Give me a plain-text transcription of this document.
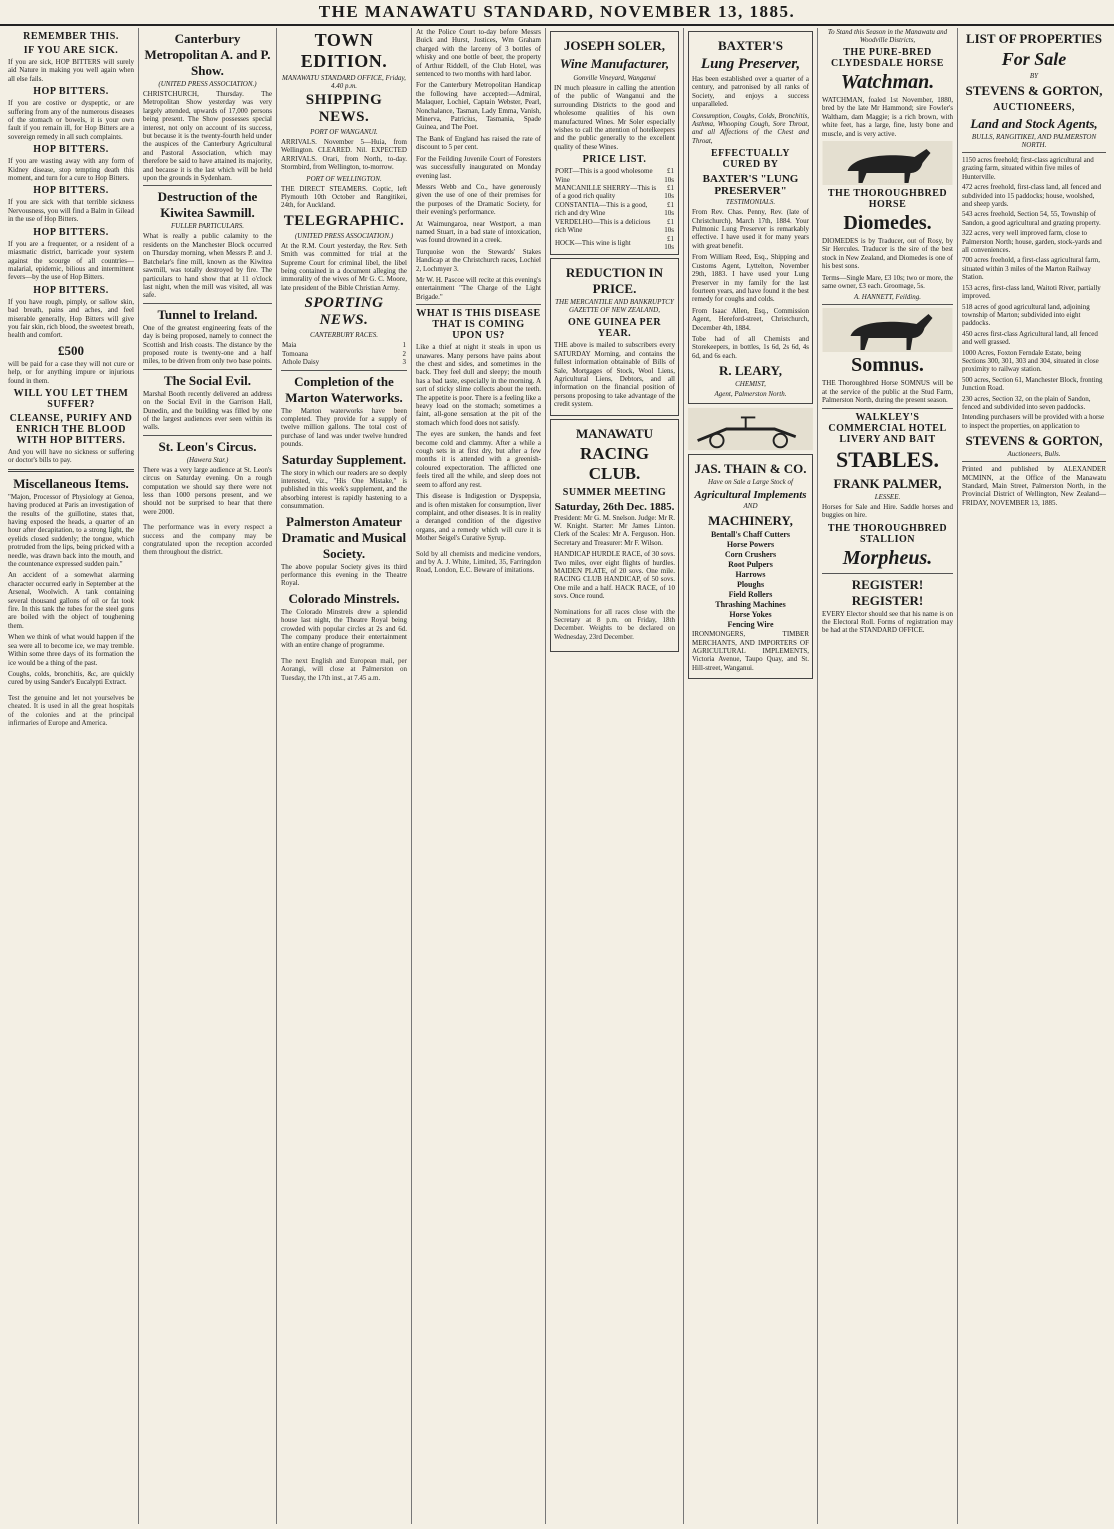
THE MANAWATU STANDARD, NOVEMBER 13, 1885.
REMEMBER THIS.
IF YOU ARE SICK.

If you are sick, HOP BITTERS will surely aid Nature in making you well again when all else fails.

HOP BITTERS.

If you are costive or dyspeptic, or are suffering from any of the numerous diseases of the stomach or bowels, it is your own fault if you remain ill, for Hop Bitters are a sovereign remedy in all such complaints.

HOP BITTERS.

If you are wasting away with any form of Kidney disease, stop tempting death this moment, and turn for a cure to Hop Bitters.

HOP BITTERS.

If you are sick with that terrible sickness Nervousness, you will find a Balm in Gilead in the use of Hop Bitters.

HOP BITTERS.

If you are a frequenter, or a resident of a miasmatic district, barricade your system against the scourge of all countries—malarial, epidemic, bilious and intermittent fevers—by the use of Hop Bitters.

HOP BITTERS.

If you have rough, pimply, or sallow skin, bad breath, pains and aches, and feel miserable generally, Hop Bitters will give you fair skin, rich blood, the sweetest breath, health and comfort.

£500

will be paid for a case they will not cure or help, or for anything impure or injurious found in them.

WILL YOU LET THEM SUFFER?
CLEANSE, PURIFY AND ENRICH THE BLOOD WITH HOP BITTERS.

And you will have no sickness or suffering or doctor's bills to pay.

Miscellaneous Items.

"Majon, Processor of Physiology at Genoa, having produced at Paris an investigation of the results of the guillotine, states that, having exposed the heads, a quarter of an hour after decapitation, to a strong light, the eyelids closed suddenly; the tongue, which protruded from the lips, being pricked with a needle, was drawn back into the mouth, and the countenance expressed sudden pain."

An accident of a somewhat alarming character occurred early in September at the Arsenal, Woolwich. A tank containing several thousand gallons of oil or fat took fire. In this tank the tubes for the steel guns are boiled with the object of toughening them.

When we think of what would happen if the sea were all to become ice, we may tremble. Within some three days of its formation the ice would be a thing of the past.

Coughs, colds, bronchitis, &c, are quickly cured by using Sander's Eucalypti Extract.

Test the genuine and let not yourselves be cheated. It is used in all the great hospitals of the colonies and at the principal infirmaries of Europe and America.

Canterbury Metropolitan A. and P. Show.
(UNITED PRESS ASSOCIATION.)

CHRISTCHURCH, Thursday. The Metropolitan Show yesterday was very largely attended, upwards of 17,000 persons being present. The Show possesses special interest, not only on account of its success, but because it is the twenty-fourth held under the auspices of the Canterbury Agricultural and Pastoral Association, which may therefore be said to have attained its majority, and because it is the last which will be held upon the grounds in Sydenham.

Destruction of the Kiwitea Sawmill.
FULLER PARTICULARS.

What is really a public calamity to the residents on the Manchester Block occurred on Thursday morning, when Messrs P. and J. Batchelar's fine mill, known as the Kiwitea sawmill, was totally destroyed by fire. The particulars to hand show that at 11 o'clock last night, when the mill was visited, all was safe.

Tunnel to Ireland.

One of the greatest engineering feats of the day is being proposed, namely to connect the Scottish and Irish coasts. The distance by the proposed route is twenty-one and a half miles, to be driven from only two base points.

The Social Evil.

Marshal Booth recently delivered an address on the Social Evil in the Garrison Hall, Dunedin, and the building was filled by one of the largest audiences ever seen within its walls.

St. Leon's Circus.
(Hawera Star.)

There was a very large audience at St. Leon's circus on Saturday evening. On a rough computation we should say there were not less than 1000 persons present, and we should not be surprised to hear that there were 2000.

The performance was in every respect a success and the company may be congratulated upon the reception accorded them throughout the district.

TOWN EDITION.
MANAWATU STANDARD OFFICE, Friday, 4.40 p.m.
SHIPPING NEWS.
PORT OF WANGANUI.

ARRIVALS. November 5—Huia, from Wellington. CLEARED. Nil. EXPECTED ARRIVALS. Orari, from North, to-day. Stormbird, from Wellington, to-morrow.

PORT OF WELLINGTON.

THE DIRECT STEAMERS. Coptic, left Plymouth 10th October and Rangitikei, 24th, for Auckland.

TELEGRAPHIC.
(UNITED PRESS ASSOCIATION.)

At the R.M. Court yesterday, the Rev. Seth Smith was committed for trial at the Supreme Court for criminal libel, the libel being contained in a document alleging the immorality of the wives of Mr G. C. Moore, late president of the Bible Christian Army.

SPORTING NEWS.
CANTERBURY RACES.
Maia	1
Tomoana	2
Athole Daisy	3
Completion of the Marton Waterworks.

The Marton waterworks have been completed. They provide for a supply of twelve million gallons. The total cost of purchase of land was under twelve hundred pounds.

Saturday Supplement.

The story in which our readers are so deeply interested, viz., "His One Mistake," is published in this week's supplement, and the absorbing interest is rapidly hastening to a consummation.

Palmerston Amateur Dramatic and Musical Society.

The above popular Society gives its third performance this evening in the Theatre Royal.

Colorado Minstrels.

The Colorado Minstrels drew a splendid house last night, the Theatre Royal being crowded with popular circles at 2s and 6d. The company produce their entertainment with an entire change of programme.

The next English and European mail, per Aorangi, will close at Palmerston on Tuesday, the 17th inst., at 7.45 a.m.

At the Police Court to-day before Messrs Buick and Hurst, Justices, Wm Graham charged with the larceny of 3 bottles of whisky and one bottle of beer, the property of Arthur Riddell, of the Club Hotel, was sentenced to two months with hard labor.

For the Canterbury Metropolitan Handicap the following have accepted:—Admiral, Malaquer, Lochiel, Captain Webster, Pearl, Nonchalance, Tasman, Lady Emma, Vanish, Minerva, Patricius, Tasmania, Spade Guinea, and The Poet.

The Bank of England has raised the rate of discount to 5 per cent.

For the Feilding Juvenile Court of Foresters was successfully inaugurated on Monday evening last.

Messrs Webb and Co., have generously given the use of one of their premises for the purposes of the Dramatic Society, for their evening's performance.

At Waimungaroa, near Westport, a man named Stuart, in a bad state of intoxication, was found drowned in a creek.

Turquoise won the Stewards' Stakes Handicap at the Christchurch races, Lochiel 2, Lochmyer 3.

Mr W. H. Pascoe will recite at this evening's entertainment "The Charge of the Light Brigade."

WHAT IS THIS DISEASE THAT IS COMING UPON US?

Like a thief at night it steals in upon us unawares. Many persons have pains about the chest and sides, and sometimes in the back. They feel dull and sleepy; the mouth has a bad taste, especially in the morning. A sort of sticky slime collects about the teeth. The appetite is poor. There is a feeling like a heavy load on the stomach; sometimes a faint, all-gone sensation at the pit of the stomach which food does not satisfy.

The eyes are sunken, the hands and feet become cold and clammy. After a while a cough sets in at first dry, but after a few months it is attended with a greenish-coloured expectoration. The afflicted one feels tired all the while, and sleep does not seem to afford any rest.

This disease is Indigestion or Dyspepsia, and is often mistaken for consumption, liver complaint, and other diseases. It is in reality a deranged condition of the digestive organs, and a remedy which will cure it is Mother Seigel's Curative Syrup.

Sold by all chemists and medicine vendors, and by A. J. White, Limited, 35, Farringdon Road, London, E.C. Beware of imitations.

JOSEPH SOLER,
Wine Manufacturer,
Gonville Vineyard, Wanganui

IN much pleasure in calling the attention of the public of Wanganui and the surrounding Districts to the good and wholesome qualities of his own manufactured Wines. Mr Soler especially wishes to call the attention of hotelkeepers and the public generally to the excellent quality of these Wines.

PRICE LIST.
PORT—This is a good wholesome Wine	£1 10s
MANCANILLE SHERRY—This is of a good rich quality	£1 10s
CONSTANTIA—This is a good, rich and dry Wine	£1 10s
VERDELHO—This is a delicious rich Wine	£1 10s
HOCK—This wine is light	£1 10s
REDUCTION IN PRICE.
THE MERCANTILE AND BANKRUPTCY GAZETTE OF NEW ZEALAND,
ONE GUINEA PER YEAR.

THE above is mailed to subscribers every SATURDAY Morning, and contains the fullest information obtainable of Bills of Sale, Mortgages of Stock, Wool Liens, Agricultural Liens, Debtors, and all information on the financial position of persons proposing to take advantage of the credit system.

MANAWATU
RACING CLUB.
SUMMER MEETING
Saturday, 26th Dec. 1885.

President: Mr G. M. Snelson. Judge: Mr R. W. Knight. Starter: Mr James Linton. Clerk of the Scales: Mr A. Ferguson. Hon. Secretary and Treasurer: Mr F. Wilson.

HANDICAP HURDLE RACE, of 30 sovs. Two miles, over eight flights of hurdles. MAIDEN PLATE, of 20 sovs. One mile. RACING CLUB HANDICAP, of 50 sovs. One mile and a half. HACK RACE, of 10 sovs. Once round.

Nominations for all races close with the Secretary at 8 p.m. on Friday, 18th December. Weights to be declared on Wednesday, 23rd December.

BAXTER'S
Lung Preserver,

Has been established over a quarter of a century, and patronised by all ranks of Society, and enjoys a success unparalleled.

Consumption, Coughs, Colds, Bronchitis, Asthma, Whooping Cough, Sore Throat, and all Affections of the Chest and Throat,

EFFECTUALLY CURED BY
BAXTER'S "LUNG PRESERVER"
TESTIMONIALS.

From Rev. Chas. Penny, Rev. (late of Christchurch), March 17th, 1884. Your Pulmonic Lung Preserver is remarkably effective. I have used it for many years with great benefit.

From William Reed, Esq., Shipping and Customs Agent, Lyttelton, November 29th, 1883. I have used your Lung Preserver in my family for the last fourteen years, and have found it the best remedy for coughs and colds.

From Isaac Allen, Esq., Commission Agent, Hereford-street, Christchurch, December 4th, 1884.

Tobe had of all Chemists and Storekeepers, in bottles, 1s 6d, 2s 6d, 4s 6d, and 6s each.

R. LEARY,
CHEMIST,
Agent, Palmerston North.
JAS. THAIN & CO.
Have on Sale a Large Stock of
Agricultural Implements
AND
MACHINERY,
Bentall's Chaff Cutters
Horse Powers
Corn Crushers
Root Pulpers
Harrows
Ploughs
Field Rollers
Thrashing Machines
Horse Yokes
Fencing Wire

IRONMONGERS, TIMBER MERCHANTS, AND IMPORTERS OF AGRICULTURAL IMPLEMENTS, Victoria Avenue, Taupo Quay, and St. Hill-street, Wanganui.

To Stand this Season in the Manawatu and Woodville Districts,
THE PURE-BRED CLYDESDALE HORSE
Watchman.

WATCHMAN, foaled 1st November, 1880, bred by the late Mr Hammond; sire Fowler's Waltham, dam Maggie; is a rich brown, with white feet, has a large, fine, lusty bone and muscle, and is very active.

THE THOROUGHBRED HORSE
Diomedes.

DIOMEDES is by Traducer, out of Rosy, by Sir Hercules. Traducer is the sire of the best stock in New Zealand, and Diomedes is one of his best sons.

Terms—Single Mare, £3 10s; two or more, the same owner, £3 each. Groomage, 5s.

A. HANNETT, Feilding.
Somnus.

THE Thoroughbred Horse SOMNUS will be at the service of the public at the Stud Farm, Palmerston North, during the present season.

WALKLEY'S COMMERCIAL HOTEL LIVERY AND BAIT
STABLES.
FRANK PALMER,
LESSEE.

Horses for Sale and Hire. Saddle horses and buggies on hire.

THE THOROUGHBRED STALLION
Morpheus.
REGISTER! REGISTER!

EVERY Elector should see that his name is on the Electoral Roll. Forms of registration may be had at the STANDARD OFFICE.

LIST OF PROPERTIES
For Sale
BY
STEVENS & GORTON,
AUCTIONEERS,
Land and Stock Agents,
BULLS, RANGITIKEI, AND PALMERSTON NORTH.

1150 acres freehold; first-class agricultural and grazing farm, situated within five miles of Hunterville.

472 acres freehold, first-class land, all fenced and subdivided into 15 paddocks; house, woolshed, and sheep yards.

543 acres freehold, Section 54, 55, Township of Sandon, a good agricultural and grazing property.

322 acres, very well improved farm, close to Palmerston North; house, garden, stock-yards and all conveniences.

700 acres freehold, a first-class agricultural farm, situated within 3 miles of the Marton Railway Station.

153 acres, first-class land, Waitoti River, partially improved.

518 acres of good agricultural land, adjoining township of Marton; subdivided into eight paddocks.

450 acres first-class Agricultural land, all fenced and well grassed.

1000 Acres, Foxton Ferndale Estate, being Sections 300, 301, 303 and 304, situated in close proximity to railway station.

500 acres, Section 61, Manchester Block, fronting Junction Road.

230 acres, Section 32, on the plain of Sandon, fenced and subdivided into seven paddocks.

Intending purchasers will be provided with a horse to inspect the properties, on application to

STEVENS & GORTON,
Auctioneers, Bulls.

Printed and published by ALEXANDER MCMINN, at the Office of the Manawatu Standard, Main Street, Palmerston North, in the Provincial District of Wellington, New Zealand—FRIDAY, NOVEMBER 13, 1885.
